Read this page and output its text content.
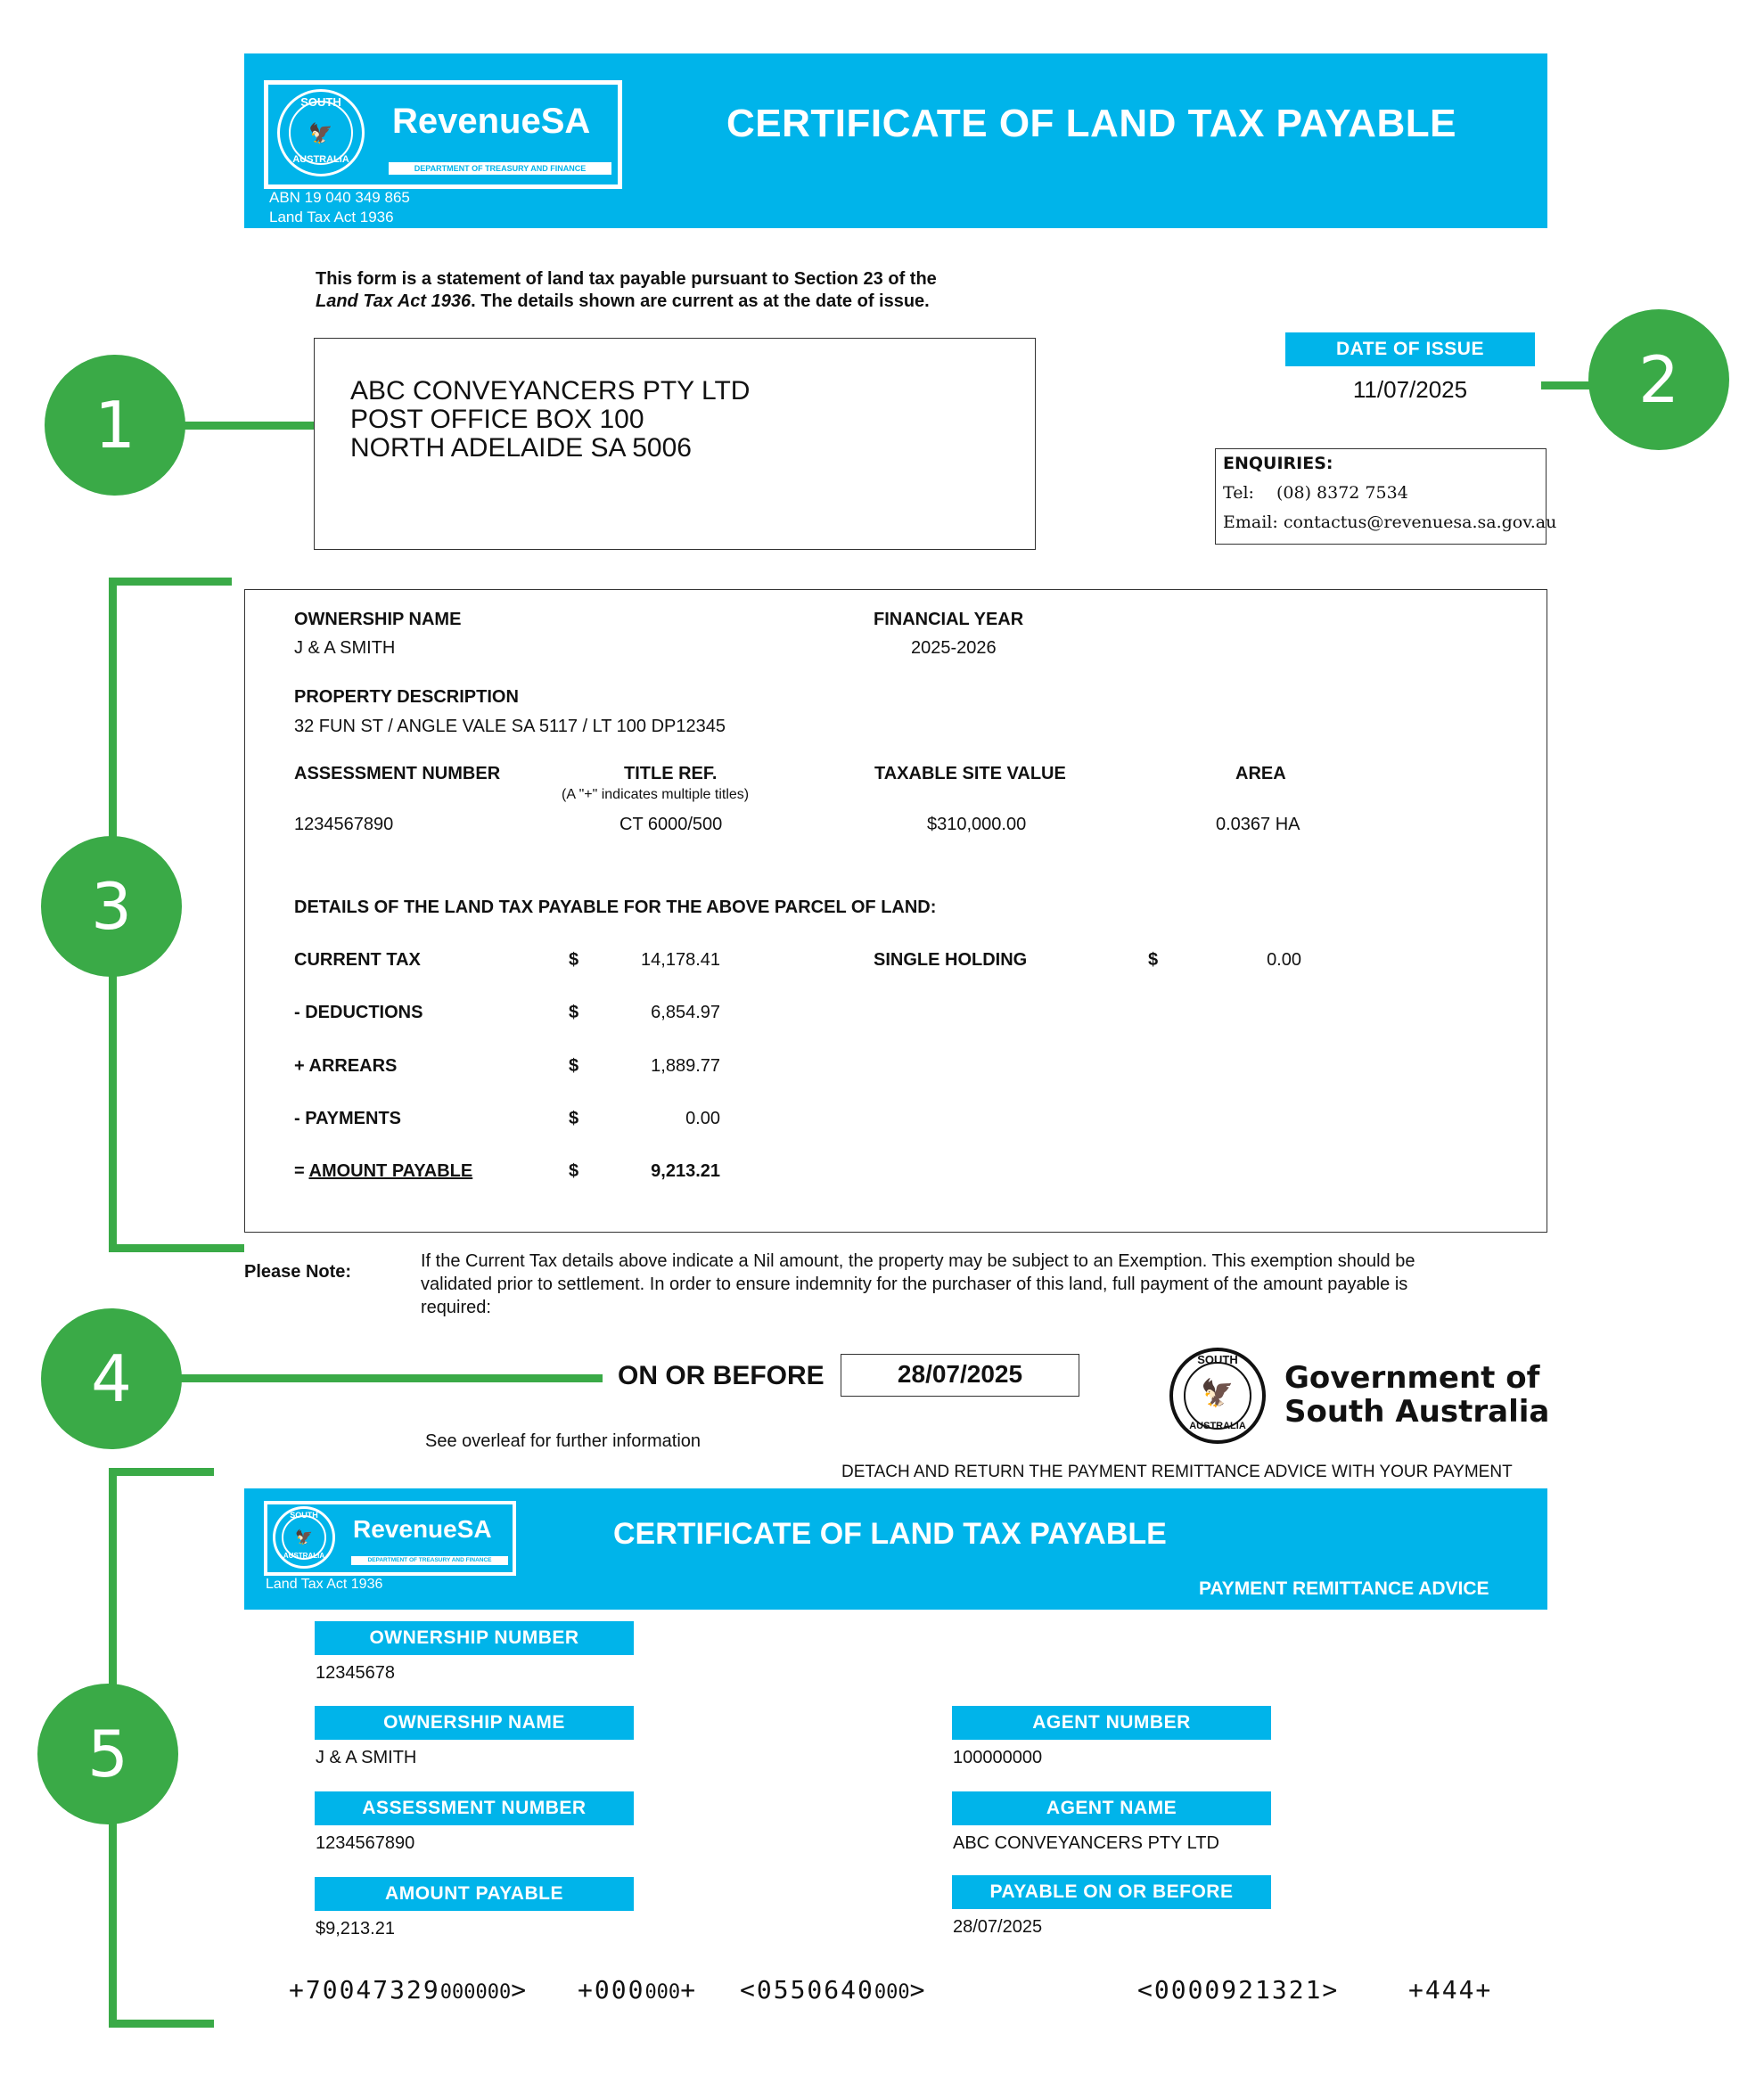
SOUTH
🦅
AUSTRALIA
RevenueSA
DEPARTMENT OF TREASURY AND FINANCE
ABN 19 040 349 865
Land Tax Act 1936
CERTIFICATE OF LAND TAX PAYABLE
This form is a statement of land tax payable pursuant to Section 23 of the
Land Tax Act 1936. The details shown are current as at the date of issue.
ABC CONVEYANCERS PTY LTD
POST OFFICE BOX 100
NORTH ADELAIDE SA 5006
DATE OF ISSUE
11/07/2025
ENQUIRIES:
Tel: (08) 8372 7534
Email: contactus@revenuesa.sa.gov.au
OWNERSHIP NAME
J & A SMITH
FINANCIAL YEAR
2025-2026
PROPERTY DESCRIPTION
32 FUN ST / ANGLE VALE SA 5117 / LT 100 DP12345
ASSESSMENT NUMBER	TITLE REF.
(A "+" indicates multiple titles)
TAXABLE SITE VALUE	AREA
1234567890	CT 6000/500	$310,000.00	0.0367 HA
DETAILS OF THE LAND TAX PAYABLE FOR THE ABOVE PARCEL OF LAND:
CURRENT TAX	$	14,178.41
- DEDUCTIONS	$	6,854.97
+ ARREARS	$	1,889.77
- PAYMENTS	$	0.00
= AMOUNT PAYABLE	$	9,213.21
SINGLE HOLDING	$	0.00
Please Note:
If the Current Tax details above indicate a Nil amount, the property may be subject to an Exemption. This exemption should be
validated prior to settlement. In order to ensure indemnity for the purchaser of this land, full payment of the amount payable is
required:
ON OR BEFORE	28/07/2025
See overleaf for further information
SOUTH
🦅
AUSTRALIA
Government of
South Australia
DETACH AND RETURN THE PAYMENT REMITTANCE ADVICE WITH YOUR PAYMENT
SOUTH
🦅
AUSTRALIA
RevenueSA
DEPARTMENT OF TREASURY AND FINANCE
Land Tax Act 1936
CERTIFICATE OF LAND TAX PAYABLE
PAYMENT REMITTANCE ADVICE
OWNERSHIP NUMBER
12345678
OWNERSHIP NAME
J & A SMITH
ASSESSMENT NUMBER
1234567890
AMOUNT PAYABLE
$9,213.21
AGENT NUMBER
100000000
AGENT NAME
ABC CONVEYANCERS PTY LTD
PAYABLE ON OR BEFORE
28/07/2025
+70047329000000> +000000+ <0550640000>	<0000921321>	+444+
1
2
3
4
5
